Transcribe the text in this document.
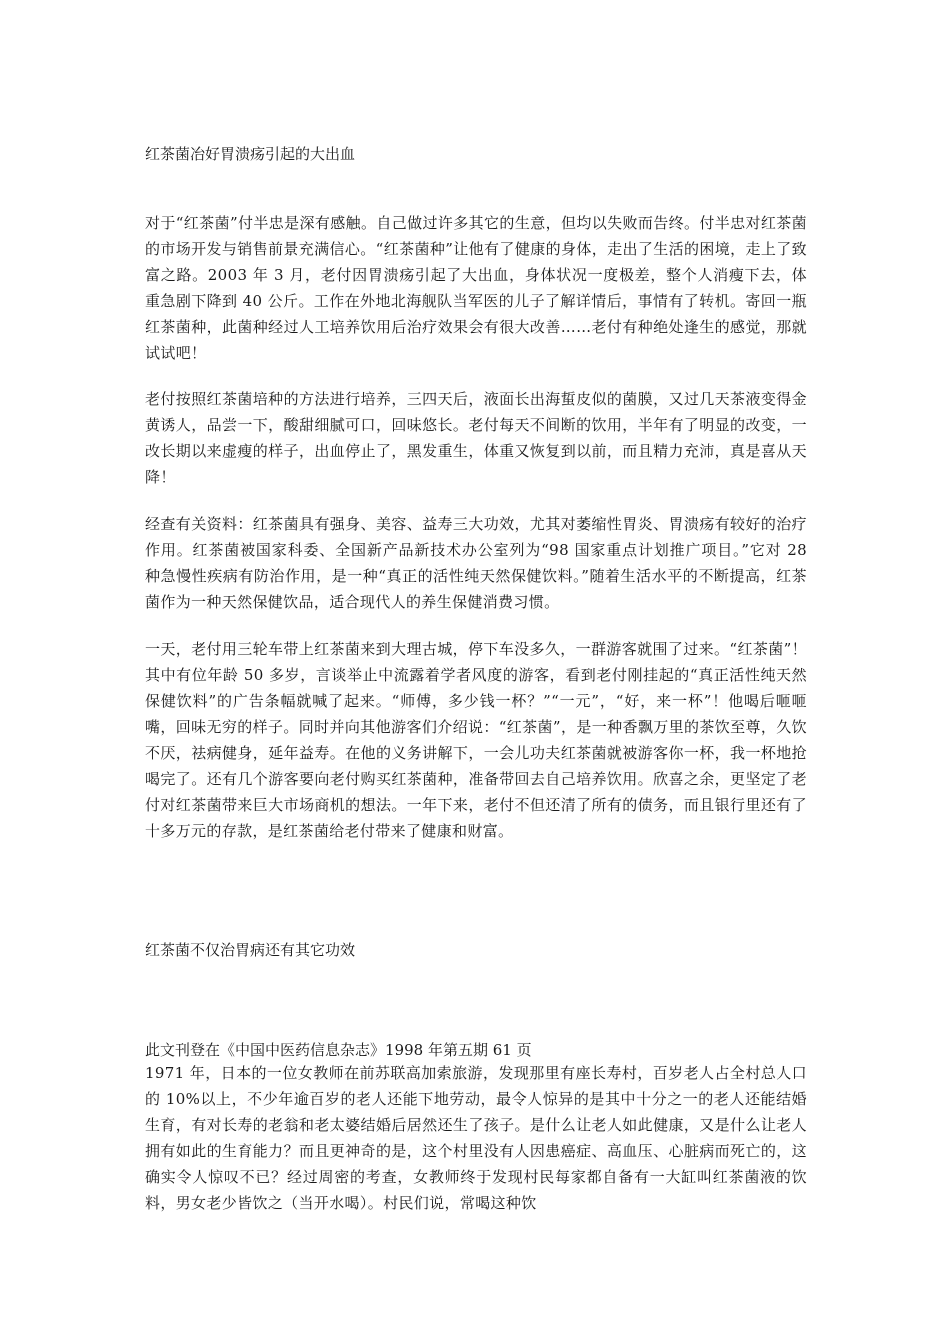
红茶菌冶好胃溃疡引起的大出血

对于“红茶菌”付半忠是深有感触。自己做过许多其它的生意，但均以失败而告终。付半忠对红茶菌的市场开发与销售前景充满信心。“红茶菌种”让他有了健康的身体，走出了生活的困境，走上了致富之路。2003 年 3 月，老付因胃溃疡引起了大出血，身体状况一度极差，整个人消瘦下去，体重急剧下降到 40 公斤。工作在外地北海舰队当军医的儿子了解详情后，事情有了转机。寄回一瓶红茶菌种，此菌种经过人工培养饮用后治疗效果会有很大改善……老付有种绝处逢生的感觉，那就试试吧！

老付按照红茶菌培种的方法进行培养，三四天后，液面长出海蜇皮似的菌膜，又过几天茶液变得金黄诱人，品尝一下，酸甜细腻可口，回味悠长。老付每天不间断的饮用，半年有了明显的改变，一改长期以来虚瘦的样子，出血停止了，黑发重生，体重又恢复到以前，而且精力充沛，真是喜从天降！

经查有关资料：红茶菌具有强身、美容、益寿三大功效，尤其对萎缩性胃炎、胃溃疡有较好的治疗作用。红茶菌被国家科委、全国新产品新技术办公室列为“98 国家重点计划推广项目。”它对 28 种急慢性疾病有防治作用，是一种“真正的活性纯天然保健饮料。”随着生活水平的不断提高，红茶菌作为一种天然保健饮品，适合现代人的养生保健消费习惯。

一天，老付用三轮车带上红茶菌来到大理古城，停下车没多久，一群游客就围了过来。“红茶菌”！其中有位年龄 50 多岁，言谈举止中流露着学者风度的游客，看到老付刚挂起的“真正活性纯天然保健饮料”的广告条幅就喊了起来。“师傅，多少钱一杯？”“一元”，“好，来一杯”！他喝后咂咂嘴，回味无穷的样子。同时并向其他游客们介绍说：“红茶菌”，是一种香飘万里的茶饮至尊，久饮不厌，祛病健身，延年益寿。在他的义务讲解下，一会儿功夫红茶菌就被游客你一杯，我一杯地抢喝完了。还有几个游客要向老付购买红茶菌种，准备带回去自己培养饮用。欣喜之余，更坚定了老付对红茶菌带来巨大市场商机的想法。一年下来，老付不但还清了所有的债务，而且银行里还有了十多万元的存款，是红茶菌给老付带来了健康和财富。

红茶菌不仅治胃病还有其它功效

此文刊登在《中国中医药信息杂志》1998 年第五期 61 页

1971 年，日本的一位女教师在前苏联高加索旅游，发现那里有座长寿村，百岁老人占全村总人口的 10%以上，不少年逾百岁的老人还能下地劳动，最令人惊异的是其中十分之一的老人还能结婚生育，有对长寿的老翁和老太婆结婚后居然还生了孩子。是什么让老人如此健康，又是什么让老人拥有如此的生育能力？而且更神奇的是，这个村里没有人因患癌症、高血压、心脏病而死亡的，这确实令人惊叹不已？经过周密的考查，女教师终于发现村民每家都自备有一大缸叫红茶菌液的饮料，男女老少皆饮之（当开水喝）。村民们说，常喝这种饮
